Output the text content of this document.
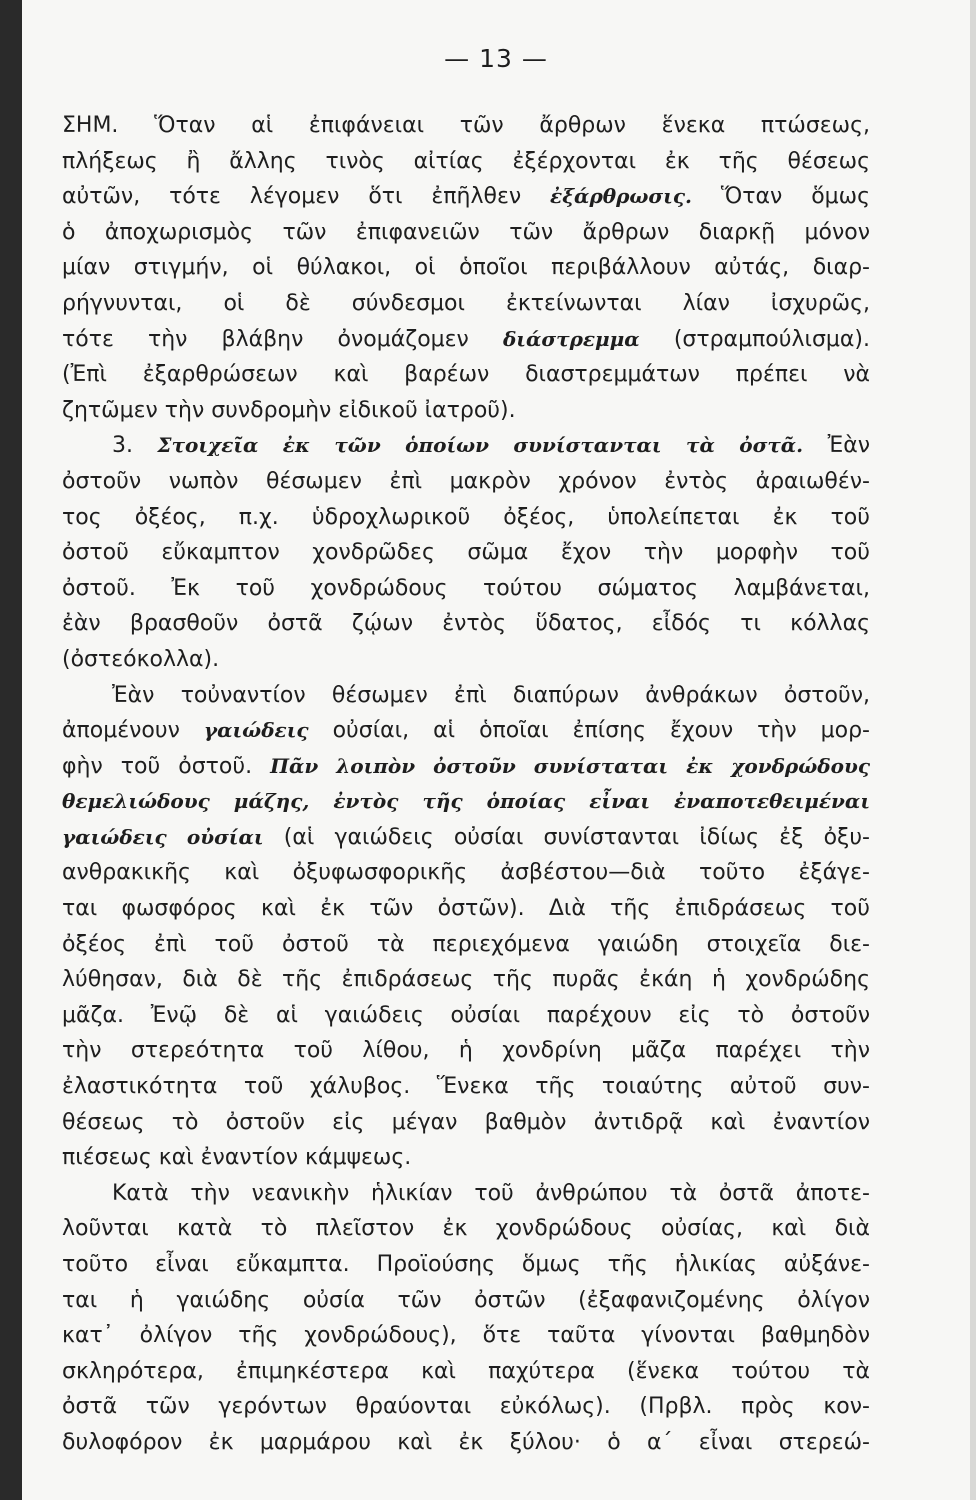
— 13 —
ΣΗΜ. Ὅταν αἱ ἐπιφάνειαι τῶν ἄρθρων ἕνεκα πτώσεως,
πλήξεως ἢ ἄλλης τινὸς αἰτίας ἐξέρχονται ἐκ τῆς θέσεως
αὐτῶν, τότε λέγομεν ὅτι ἐπῆλθεν ἐξάρθρωσις. Ὅταν ὅμως
ὁ ἀποχωρισμὸς τῶν ἐπιφανειῶν τῶν ἄρθρων διαρκῇ μόνον
μίαν στιγμήν, οἱ θύλακοι, οἱ ὁποῖοι περιβάλλουν αὐτάς, διαρ-
ρήγνυνται, οἱ δὲ σύνδεσμοι ἐκτείνωνται λίαν ἰσχυρῶς,
τότε τὴν βλάβην ὀνομάζομεν διάστρεμμα (στραμπούλισμα).
(Ἐπὶ ἐξαρθρώσεων καὶ βαρέων διαστρεμμάτων πρέπει νὰ
ζητῶμεν τὴν συνδρομὴν εἰδικοῦ ἰατροῦ).
3. Στοιχεῖα ἐκ τῶν ὁποίων συνίστανται τὰ ὀστᾶ. Ἐὰν
ὀστοῦν νωπὸν θέσωμεν ἐπὶ μακρὸν χρόνον ἐντὸς ἀραιωθέν-
τος ὀξέος, π.χ. ὑδροχλωρικοῦ ὀξέος, ὑπολείπεται ἐκ τοῦ
ὀστοῦ εὔκαμπτον χονδρῶδες σῶμα ἔχον τὴν μορφὴν τοῦ
ὀστοῦ. Ἐκ τοῦ χονδρώδους τούτου σώματος λαμβάνεται,
ἐὰν βρασθοῦν ὀστᾶ ζῴων ἐντὸς ὕδατος, εἶδός τι κόλλας
(ὀστεόκολλα).
Ἐὰν τοὐναντίον θέσωμεν ἐπὶ διαπύρων ἀνθράκων ὀστοῦν,
ἀπομένουν γαιώδεις οὐσίαι, αἱ ὁποῖαι ἐπίσης ἔχουν τὴν μορ-
φὴν τοῦ ὀστοῦ. Πᾶν λοιπὸν ὀστοῦν συνίσταται ἐκ χονδρώδους
θεμελιώδους μάζης, ἐντὸς τῆς ὁποίας εἶναι ἐναποτεθειμέναι
γαιώδεις οὐσίαι (αἱ γαιώδεις οὐσίαι συνίστανται ἰδίως ἐξ ὀξυ-
ανθρακικῆς καὶ ὀξυφωσφορικῆς ἀσβέστου—διὰ τοῦτο ἐξάγε-
ται φωσφόρος καὶ ἐκ τῶν ὀστῶν). Διὰ τῆς ἐπιδράσεως τοῦ
ὀξέος ἐπὶ τοῦ ὀστοῦ τὰ περιεχόμενα γαιώδη στοιχεῖα διε-
λύθησαν, διὰ δὲ τῆς ἐπιδράσεως τῆς πυρᾶς ἐκάη ἡ χονδρώδης
μᾶζα. Ἐνῷ δὲ αἱ γαιώδεις οὐσίαι παρέχουν εἰς τὸ ὀστοῦν
τὴν στερεότητα τοῦ λίθου, ἡ χονδρίνη μᾶζα παρέχει τὴν
ἐλαστικότητα τοῦ χάλυβος. Ἕνεκα τῆς τοιαύτης αὐτοῦ συν-
θέσεως τὸ ὀστοῦν εἰς μέγαν βαθμὸν ἀντιδρᾷ καὶ ἐναντίον
πιέσεως καὶ ἐναντίον κάμψεως.
Κατὰ τὴν νεανικὴν ἡλικίαν τοῦ ἀνθρώπου τὰ ὀστᾶ ἀποτε-
λοῦνται κατὰ τὸ πλεῖστον ἐκ χονδρώδους οὐσίας, καὶ διὰ
τοῦτο εἶναι εὔκαμπτα. Προϊούσης ὅμως τῆς ἡλικίας αὐξάνε-
ται ἡ γαιώδης οὐσία τῶν ὀστῶν (ἐξαφανιζομένης ὀλίγον
κατ᾽ ὀλίγον τῆς χονδρώδους), ὅτε ταῦτα γίνονται βαθμηδὸν
σκληρότερα, ἐπιμηκέστερα καὶ παχύτερα (ἕνεκα τούτου τὰ
ὀστᾶ τῶν γερόντων θραύονται εὐκόλως). (Πρβλ. πρὸς κον-
δυλοφόρον ἐκ μαρμάρου καὶ ἐκ ξύλου· ὁ α´ εἶναι στερεώ-
